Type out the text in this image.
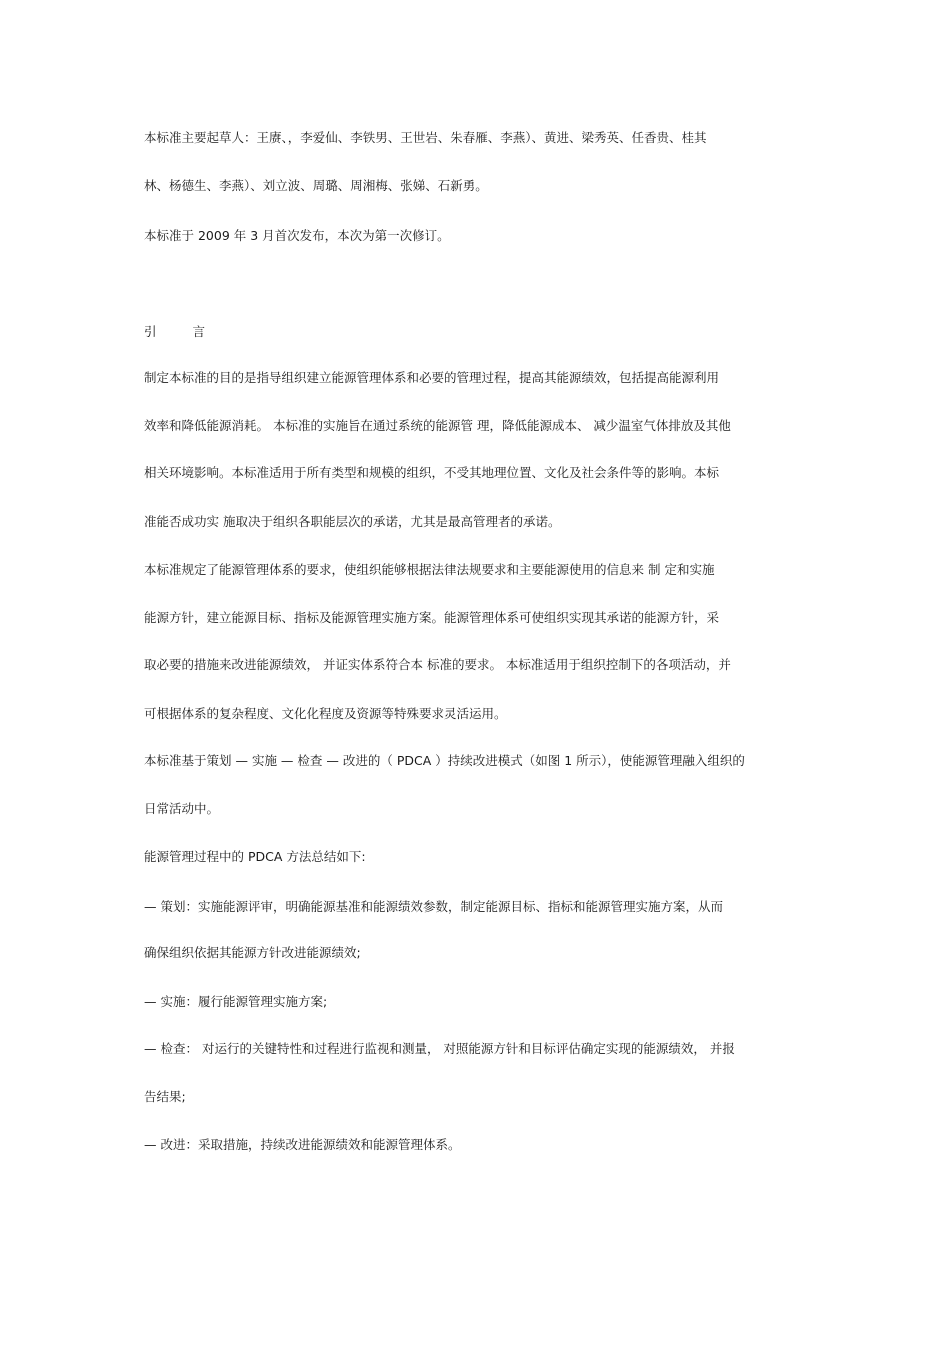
本标准主要起草人：王赓、，李爱仙、李铁男、王世岩、朱春雁、李燕）、黄进、梁秀英、任香贵、桂其
林、杨德生、李燕）、刘立波、周璐、周湘梅、张娣、石新勇。
本标准于 2009 年 3 月首次发布，本次为第一次修订。
引 言
制定本标准的目的是指导组织建立能源管理体系和必要的管理过程，提高其能源绩效，包括提高能源利用
效率和降低能源消耗。 本标准的实施旨在通过系统的能源管 理，降低能源成本、 减少温室气体排放及其他
相关环境影响。本标准适用于所有类型和规模的组织，不受其地理位置、文化及社会条件等的影响。本标
准能否成功实 施取决于组织各职能层次的承诺，尤其是最高管理者的承诺。
本标准规定了能源管理体系的要求，使组织能够根据法律法规要求和主要能源使用的信息来 制 定和实施
能源方针，建立能源目标、指标及能源管理实施方案。能源管理体系可使组织实现其承诺的能源方针，采
取必要的措施来改进能源绩效， 并证实体系符合本 标准的要求。 本标准适用于组织控制下的各项活动，并
可根据体系的复杂程度、文化化程度及资源等特殊要求灵活运用。
本标准基于策划 — 实施 — 检查 — 改进的（ PDCA ）持续改进模式（如图 1 所示），使能源管理融入组织的
日常活动中。
能源管理过程中的 PDCA 方法总结如下:
— 策划：实施能源评审，明确能源基准和能源绩效参数，制定能源目标、指标和能源管理实施方案，从而
确保组织依据其能源方针改进能源绩效;
— 实施：履行能源管理实施方案;
— 检查： 对运行的关键特性和过程进行监视和测量， 对照能源方针和目标评估确定实现的能源绩效， 并报
告结果;
— 改进：采取措施，持续改进能源绩效和能源管理体系。
